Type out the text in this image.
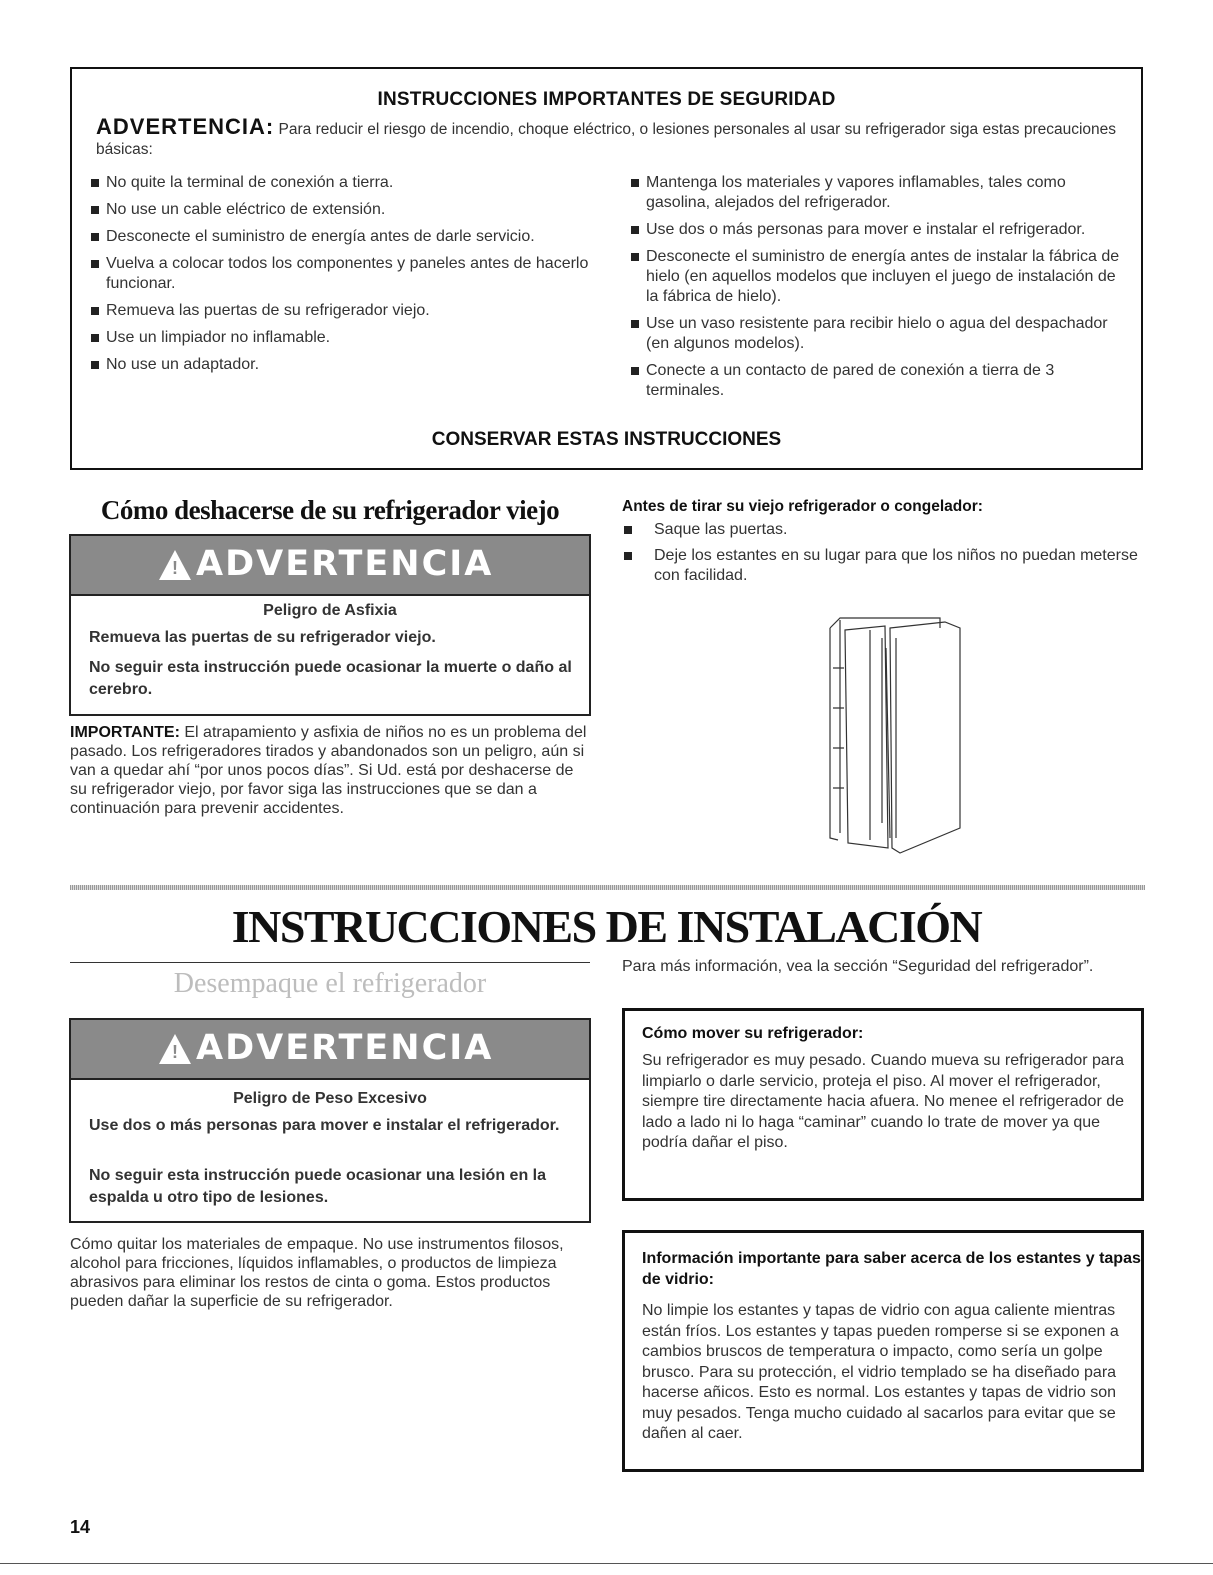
INSTRUCCIONES IMPORTANTES DE SEGURIDAD
ADVERTENCIA: Para reducir el riesgo de incendio, choque eléctrico, o lesiones personales al usar su refrigerador siga estas precauciones básicas:
No quite la terminal de conexión a tierra.
No use un cable eléctrico de extensión.
Desconecte el suministro de energía antes de darle servicio.
Vuelva a colocar todos los componentes y paneles antes de hacerlo funcionar.
Remueva las puertas de su refrigerador viejo.
Use un limpiador no inflamable.
No use un adaptador.
Mantenga los materiales y vapores inflamables, tales como gasolina, alejados del refrigerador.
Use dos o más personas para mover e instalar el refrigerador.
Desconecte el suministro de energía antes de instalar la fábrica de hielo (en aquellos modelos que incluyen el juego de instalación de la fábrica de hielo).
Use un vaso resistente para recibir hielo o agua del despachador (en algunos modelos).
Conecte a un contacto de pared de conexión a tierra de 3 terminales.
CONSERVAR ESTAS INSTRUCCIONES
Cómo deshacerse de su refrigerador viejo
! ADVERTENCIA
Peligro de Asfixia
Remueva las puertas de su refrigerador viejo.
No seguir esta instrucción puede ocasionar la muerte o daño al cerebro.
IMPORTANTE: El atrapamiento y asfixia de niños no es un problema del pasado. Los refrigeradores tirados y abandonados son un peligro, aún si van a quedar ahí “por unos pocos días”. Si Ud. está por deshacerse de su refrigerador viejo, por favor siga las instrucciones que se dan a continuación para prevenir accidentes.
Antes de tirar su viejo refrigerador o congelador:
Saque las puertas.
Deje los estantes en su lugar para que los niños no puedan meterse con facilidad.
INSTRUCCIONES DE INSTALACIÓN
Desempaque el refrigerador
! ADVERTENCIA
Peligro de Peso Excesivo
Use dos o más personas para mover e instalar el refrigerador.
No seguir esta instrucción puede ocasionar una lesión en la espalda u otro tipo de lesiones.
Cómo quitar los materiales de empaque. No use instrumentos filosos, alcohol para fricciones, líquidos inflamables, o productos de limpieza abrasivos para eliminar los restos de cinta o goma. Estos productos pueden dañar la superficie de su refrigerador.
Para más información, vea la sección “Seguridad del refrigerador”.
Cómo mover su refrigerador:
Su refrigerador es muy pesado. Cuando mueva su refrigerador para limpiarlo o darle servicio, proteja el piso. Al mover el refrigerador, siempre tire directamente hacia afuera. No menee el refrigerador de lado a lado ni lo haga “caminar” cuando lo trate de mover ya que podría dañar el piso.
Información importante para saber acerca de los estantes y tapas de vidrio:
No limpie los estantes y tapas de vidrio con agua caliente mientras están fríos. Los estantes y tapas pueden romperse si se exponen a cambios bruscos de temperatura o impacto, como sería un golpe brusco. Para su protección, el vidrio templado se ha diseñado para hacerse añicos. Esto es normal. Los estantes y tapas de vidrio son muy pesados. Tenga mucho cuidado al sacarlos para evitar que se dañen al caer.
14
